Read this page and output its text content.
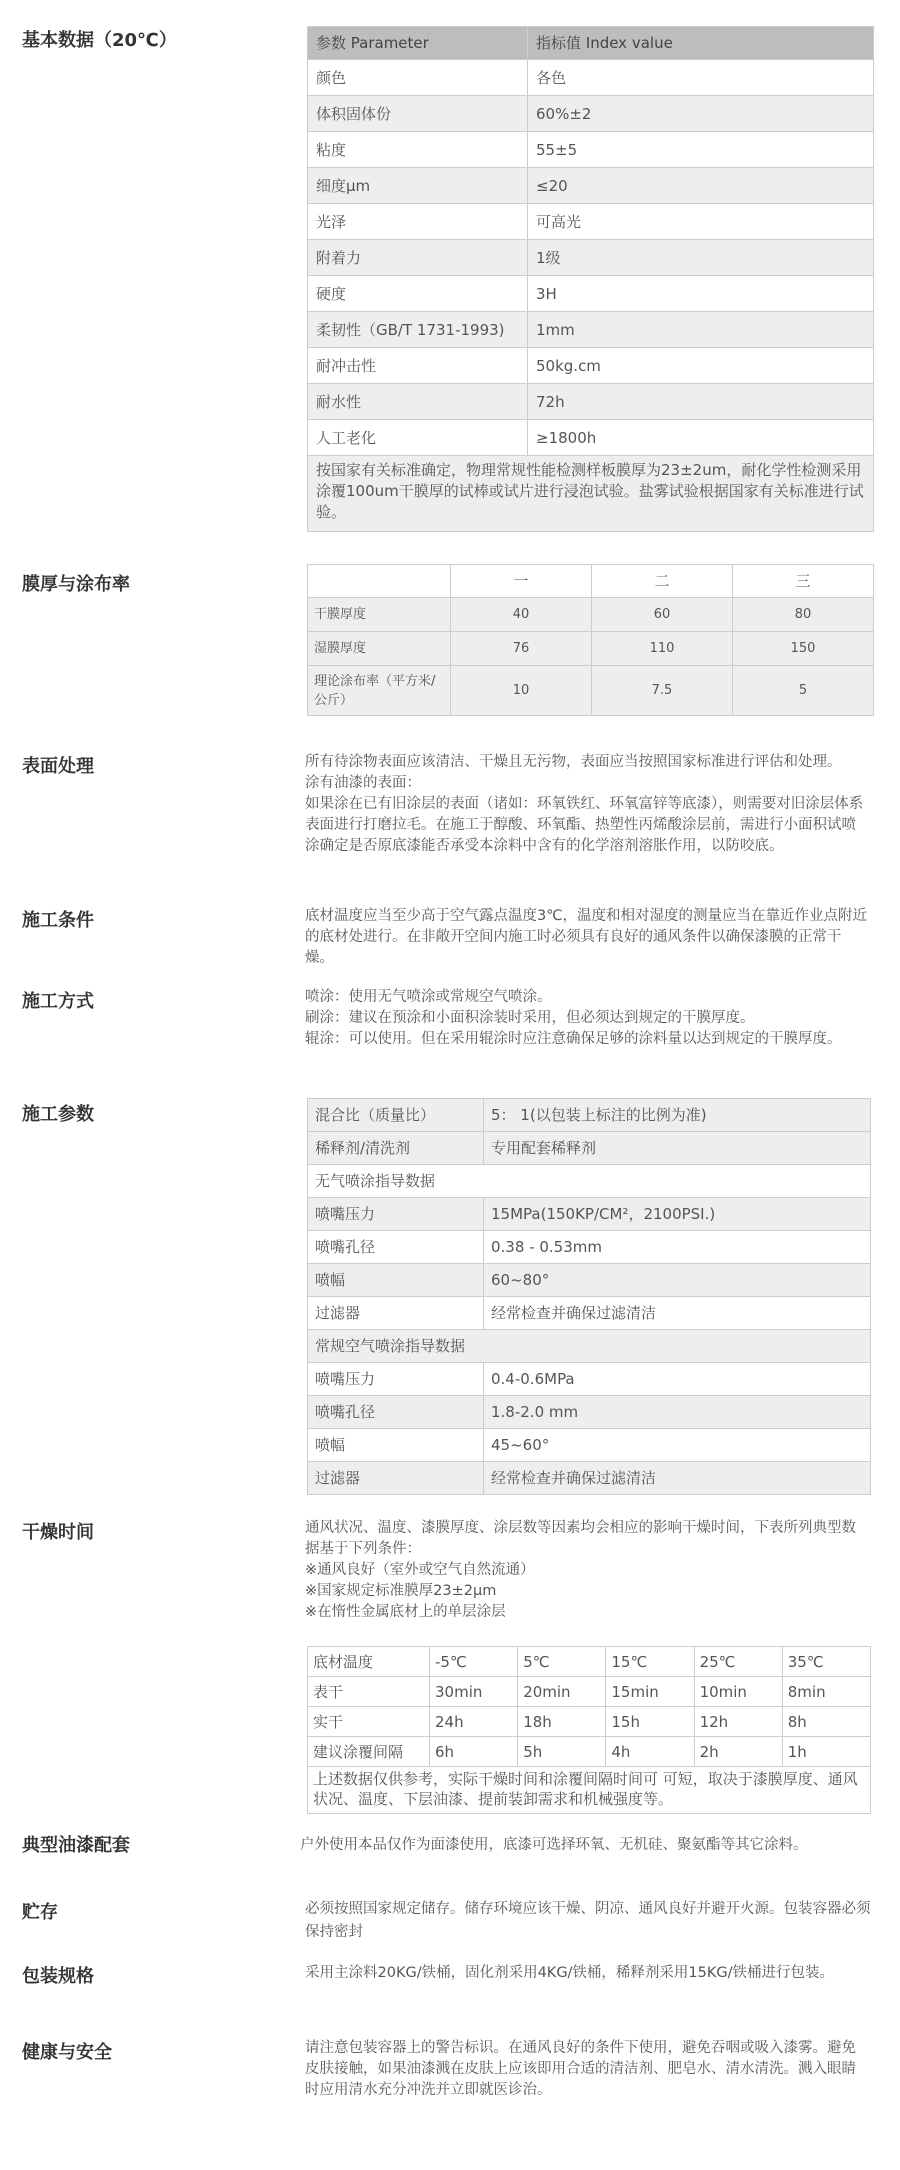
基本数据（20℃）	参数 Parameter	指标值 Index value
颜色	各色
体积固体份	60%±2
粘度	55±5
细度μm	≤20
光泽	可高光
附着力	1级
硬度	3H
柔韧性（GB/T 1731-1993)	1mm
耐冲击性	50kg.cm
耐水性	72h
人工老化	≥1800h
按国家有关标准确定，物理常规性能检测样板膜厚为23±2um，耐化学性检测采用涂覆100um干膜厚的试棒或试片进行浸泡试验。盐雾试验根据国家有关标准进行试验。	
膜厚与涂布率
		一	二	三
干膜厚度	40	60	80
湿膜厚度	76	110	150
理论涂布率（平方米/公斤）	10	7.5	5
表面处理	所有待涂物表面应该清洁、干燥且无污物，表面应当按照国家标准进行评估和处理。

涂有油漆的表面：

如果涂在已有旧涂层的表面（诸如：环氧铁红、环氧富锌等底漆），则需要对旧涂层体系表面进行打磨拉毛。在施工于醇酸、环氧酯、热塑性丙烯酸涂层前，需进行小面积试喷涂确定是否原底漆能否承受本涂料中含有的化学溶剂溶胀作用，以防咬底。

施工条件	底材温度应当至少高于空气露点温度3℃，温度和相对湿度的测量应当在靠近作业点附近的底材处进行。在非敞开空间内施工时必须具有良好的通风条件以确保漆膜的正常干燥。

施工方式	喷涂：使用无气喷涂或常规空气喷涂。

刷涂：建议在预涂和小面积涂装时采用，但必须达到规定的干膜厚度。

辊涂：可以使用。但在采用辊涂时应注意确保足够的涂料量以达到规定的干膜厚度。

施工参数	混合比（质量比）	5： 1(以包装上标注的比例为准)
稀释剂/清洗剂	专用配套稀释剂
无气喷涂指导数据	
喷嘴压力	15MPa(150KP/CM²，2100PSI.)
喷嘴孔径	0.38 - 0.53mm
喷幅	60~80°
过滤器	经常检查并确保过滤清洁
常规空气喷涂指导数据	
喷嘴压力	0.4-0.6MPa
喷嘴孔径	1.8-2.0 mm
喷幅	45~60°
过滤器	经常检查并确保过滤清洁
干燥时间	通风状况、温度、漆膜厚度、涂层数等因素均会相应的影响干燥时间，下表所列典型数据基于下列条件：

※通风良好（室外或空气自然流通）

※国家规定标准膜厚23±2μm

※在惰性金属底材上的单层涂层

底材温度	-5℃	5℃	15℃	25℃	35℃
表干	30min	20min	15min	10min	8min
实干	24h	18h	15h	12h	8h
建议涂覆间隔	6h	5h	4h	2h	1h
上述数据仅供参考，实际干燥时间和涂覆间隔时间可 可短，取决于漆膜厚度、通风状况、温度、下层油漆、提前装卸需求和机械强度等。					
典型油漆配套	户外使用本品仅作为面漆使用，底漆可选择环氧、无机硅、聚氨酯等其它涂料。

贮存	必须按照国家规定储存。储存环境应该干燥、阴凉、通风良好并避开火源。包装容器必须保持密封

包装规格	采用主涂料20KG/铁桶，固化剂采用4KG/铁桶，稀释剂采用15KG/铁桶进行包装。

健康与安全	请注意包装容器上的警告标识。在通风良好的条件下使用，避免吞咽或吸入漆雾。避免皮肤接触，如果油漆溅在皮肤上应该即用合适的清洁剂、肥皂水、清水清洗。溅入眼睛时应用清水充分冲洗并立即就医诊治。
